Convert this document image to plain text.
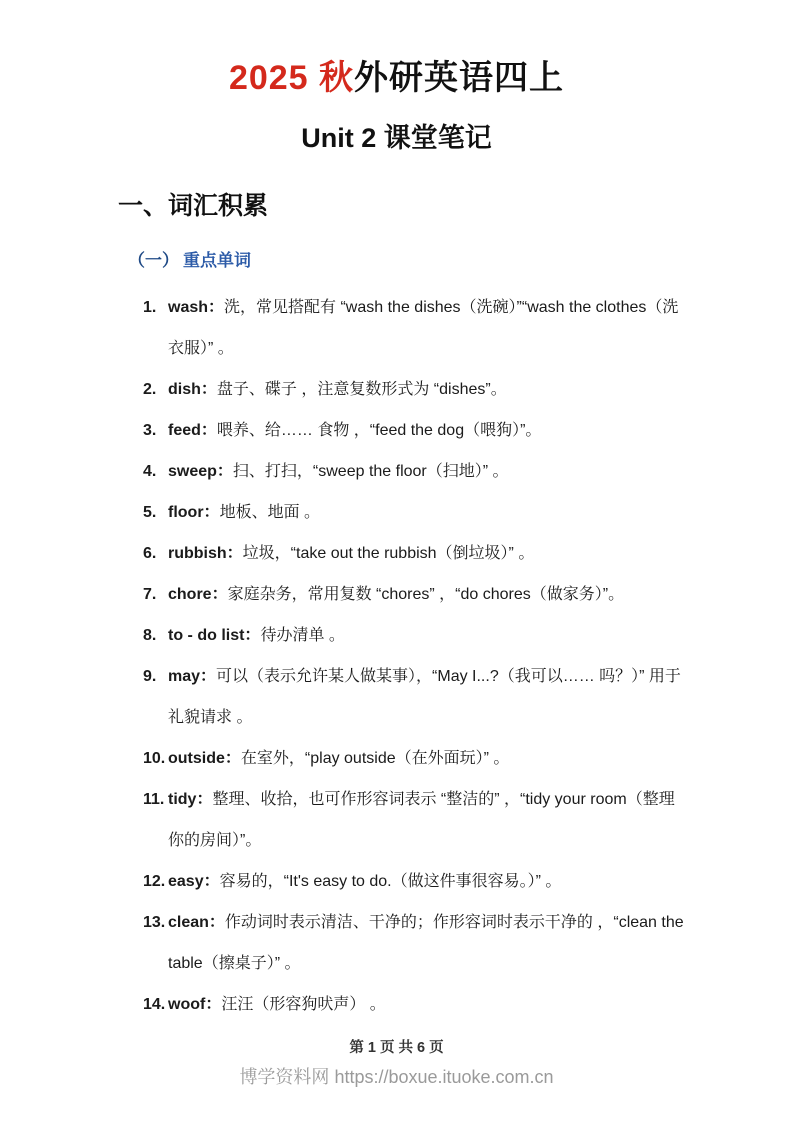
2025 秋外研英语四上
Unit 2 课堂笔记
一、词汇积累
（一） 重点单词
1. wash：洗，常见搭配有 “wash the dishes（洗碗）”“wash the clothes（洗衣服）” 。
2. dish：盘子、碟子 ，注意复数形式为 “dishes”。
3. feed：喂养、给…… 食物 ，“feed the dog（喂狗）”。
4. sweep：扫、打扫，“sweep the floor（扫地）” 。
5. floor：地板、地面 。
6. rubbish：垃圾，“take out the rubbish（倒垃圾）” 。
7. chore：家庭杂务，常用复数 “chores” ，“do chores（做家务）”。
8. to - do list：待办清单 。
9. may：可以（表示允许某人做某事），“May I...?（我可以…… 吗？）” 用于礼貌请求 。
10. outside：在室外，“play outside（在外面玩）” 。
11. tidy：整理、收拾，也可作形容词表示 “整洁的” ，“tidy your room（整理你的房间）”。
12. easy：容易的，“It's easy to do.（做这件事很容易。）” 。
13. clean：作动词时表示清洁、干净的；作形容词时表示干净的 ，“clean the table（擦桌子）” 。
14. woof：汪汪（形容狗吠声） 。
第 1 页 共 6 页
博学资料网 https://boxue.ituoke.com.cn
